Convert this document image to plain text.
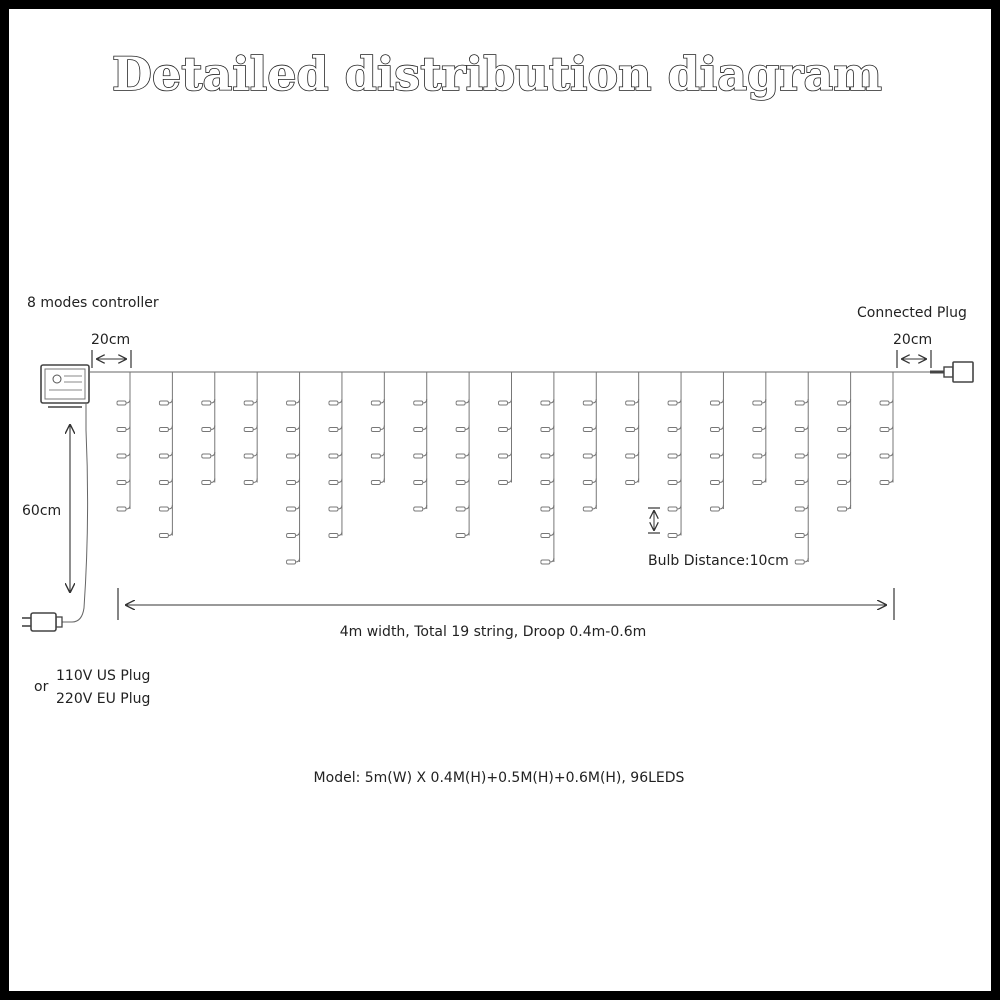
Detailed distribution diagram
8 modes controller
Connected Plug
20cm	20cm
60cm
4m width, Total 19 string, Droop 0.4m-0.6m
Bulb Distance:10cm
or
110V US Plug
220V EU Plug
Model: 5m(W) X 0.4M(H)+0.5M(H)+0.6M(H), 96LEDS
